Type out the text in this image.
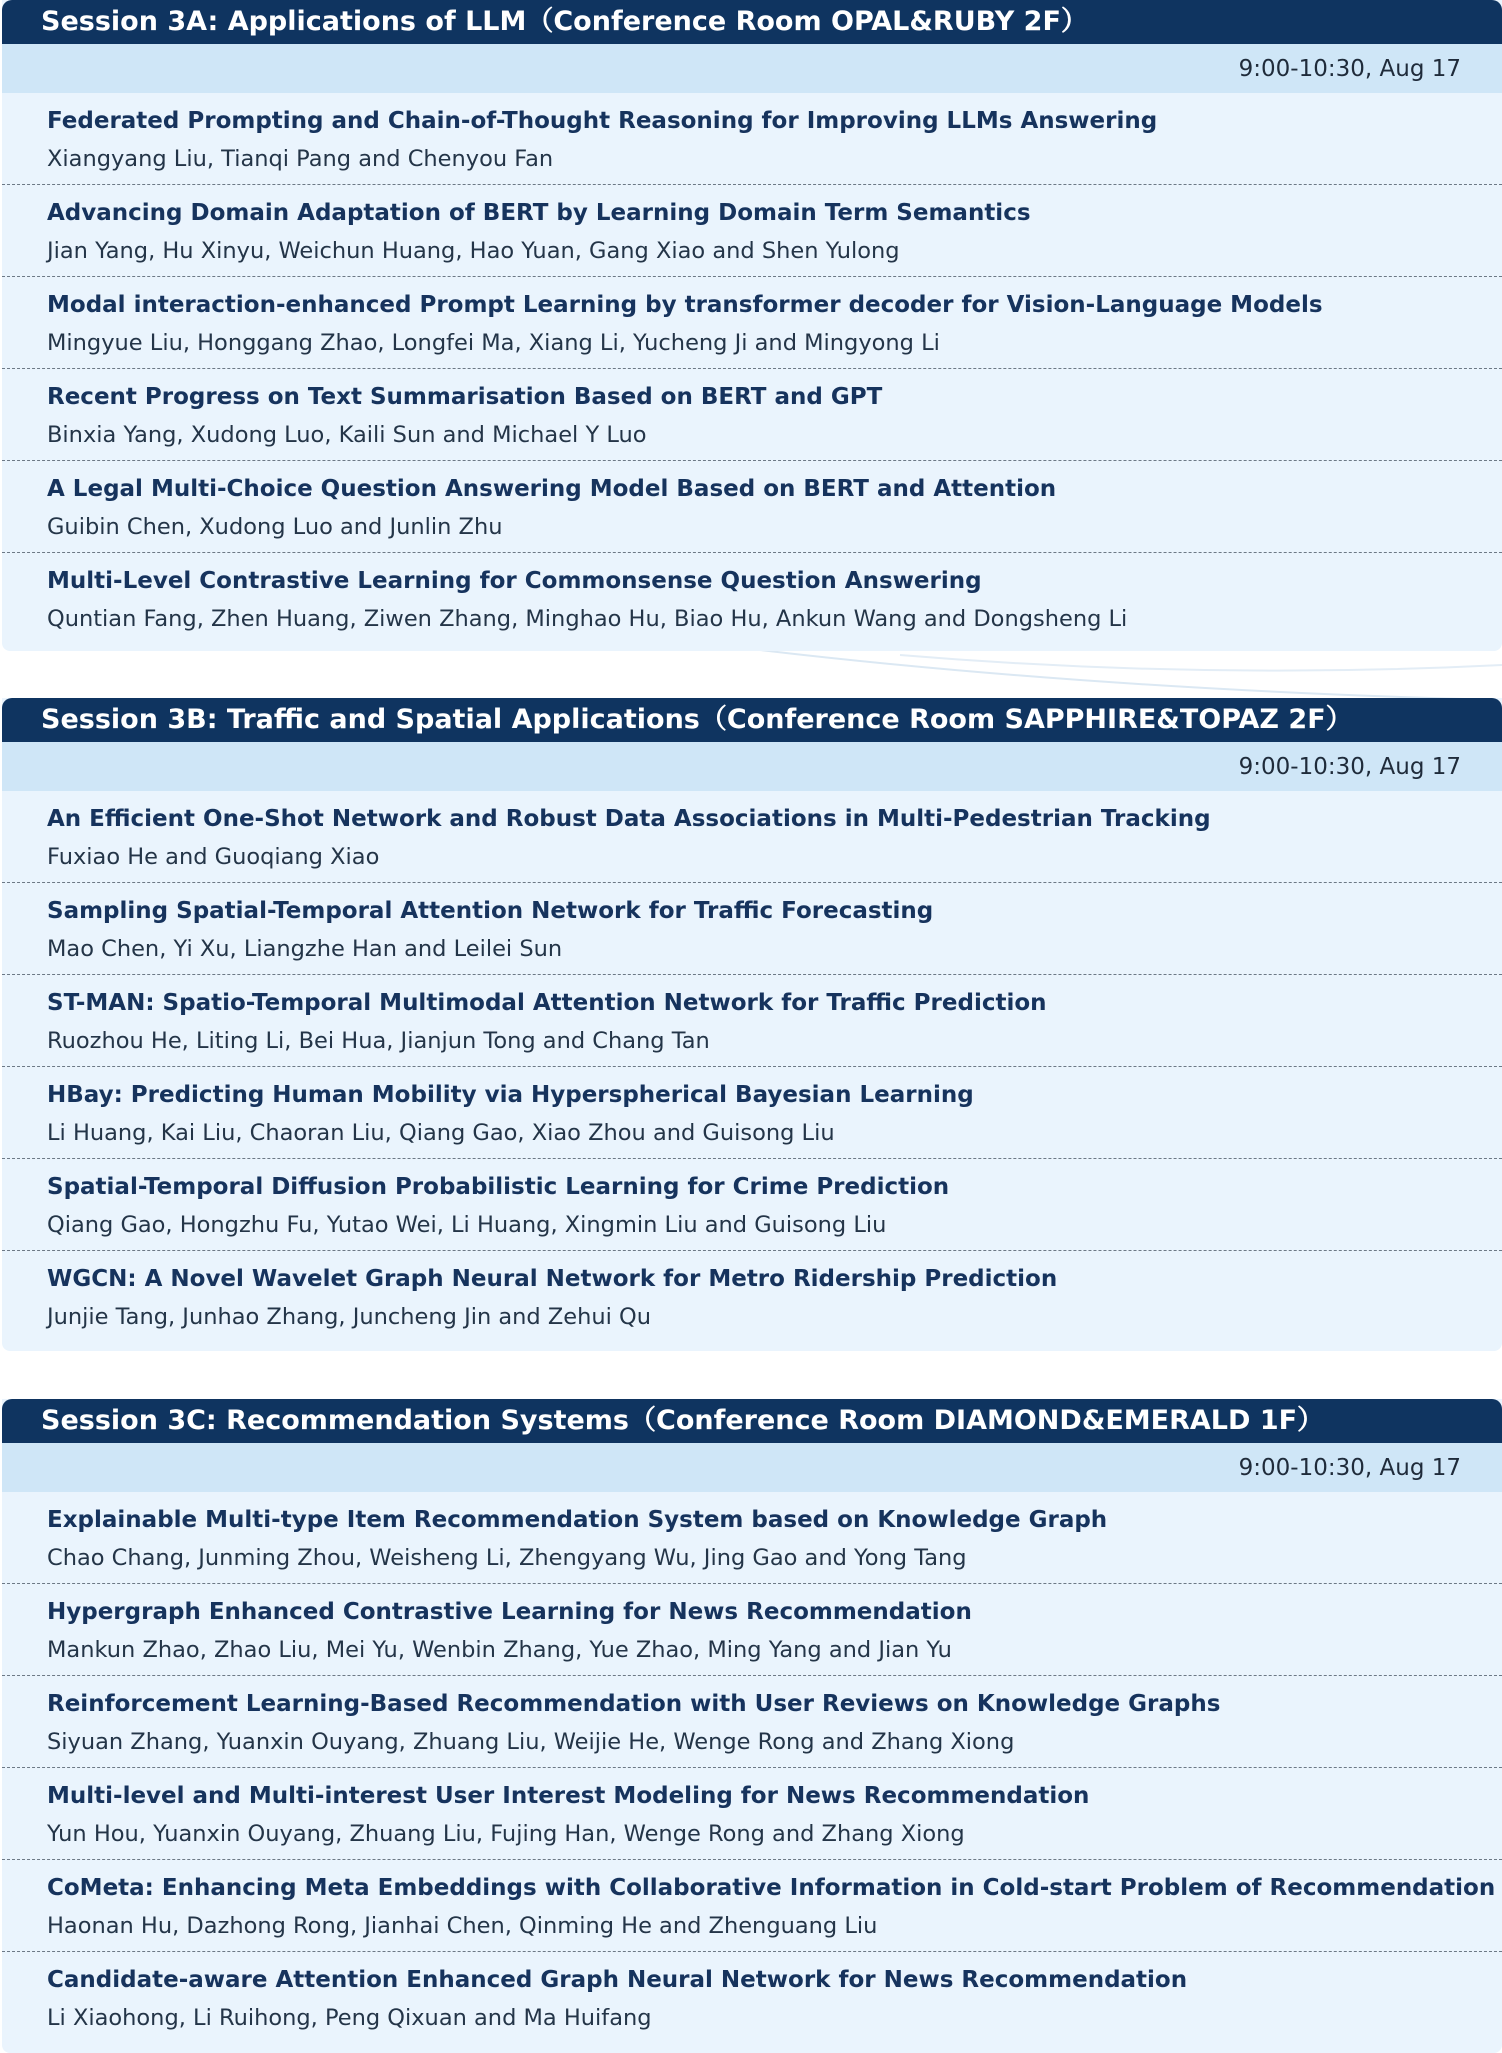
Session 3A: Applications of LLM（Conference Room OPAL&RUBY 2F）
9:00-10:30, Aug 17
Federated Prompting and Chain-of-Thought Reasoning for Improving LLMs Answering
Xiangyang Liu, Tianqi Pang and Chenyou Fan
Advancing Domain Adaptation of BERT by Learning Domain Term Semantics
Jian Yang, Hu Xinyu, Weichun Huang, Hao Yuan, Gang Xiao and Shen Yulong
Modal interaction-enhanced Prompt Learning by transformer decoder for Vision-Language Models
Mingyue Liu, Honggang Zhao, Longfei Ma, Xiang Li, Yucheng Ji and Mingyong Li
Recent Progress on Text Summarisation Based on BERT and GPT
Binxia Yang, Xudong Luo, Kaili Sun and Michael Y Luo
A Legal Multi-Choice Question Answering Model Based on BERT and Attention
Guibin Chen, Xudong Luo and Junlin Zhu
Multi-Level Contrastive Learning for Commonsense Question Answering
Quntian Fang, Zhen Huang, Ziwen Zhang, Minghao Hu, Biao Hu, Ankun Wang and Dongsheng Li
Session 3B: Traffic and Spatial Applications（Conference Room SAPPHIRE&TOPAZ 2F）
9:00-10:30, Aug 17
An Efficient One-Shot Network and Robust Data Associations in Multi-Pedestrian Tracking
Fuxiao He and Guoqiang Xiao
Sampling Spatial-Temporal Attention Network for Traffic Forecasting
Mao Chen, Yi Xu, Liangzhe Han and Leilei Sun
ST-MAN: Spatio-Temporal Multimodal Attention Network for Traffic Prediction
Ruozhou He, Liting Li, Bei Hua, Jianjun Tong and Chang Tan
HBay: Predicting Human Mobility via Hyperspherical Bayesian Learning
Li Huang, Kai Liu, Chaoran Liu, Qiang Gao, Xiao Zhou and Guisong Liu
Spatial-Temporal Diffusion Probabilistic Learning for Crime Prediction
Qiang Gao, Hongzhu Fu, Yutao Wei, Li Huang, Xingmin Liu and Guisong Liu
WGCN: A Novel Wavelet Graph Neural Network for Metro Ridership Prediction
Junjie Tang, Junhao Zhang, Juncheng Jin and Zehui Qu
Session 3C: Recommendation Systems（Conference Room DIAMOND&EMERALD 1F）
9:00-10:30, Aug 17
Explainable Multi-type Item Recommendation System based on Knowledge Graph
Chao Chang, Junming Zhou, Weisheng Li, Zhengyang Wu, Jing Gao and Yong Tang
Hypergraph Enhanced Contrastive Learning for News Recommendation
Mankun Zhao, Zhao Liu, Mei Yu, Wenbin Zhang, Yue Zhao, Ming Yang and Jian Yu
Reinforcement Learning-Based Recommendation with User Reviews on Knowledge Graphs
Siyuan Zhang, Yuanxin Ouyang, Zhuang Liu, Weijie He, Wenge Rong and Zhang Xiong
Multi-level and Multi-interest User Interest Modeling for News Recommendation
Yun Hou, Yuanxin Ouyang, Zhuang Liu, Fujing Han, Wenge Rong and Zhang Xiong
CoMeta: Enhancing Meta Embeddings with Collaborative Information in Cold-start Problem of Recommendation
Haonan Hu, Dazhong Rong, Jianhai Chen, Qinming He and Zhenguang Liu
Candidate-aware Attention Enhanced Graph Neural Network for News Recommendation
Li Xiaohong, Li Ruihong, Peng Qixuan and Ma Huifang
